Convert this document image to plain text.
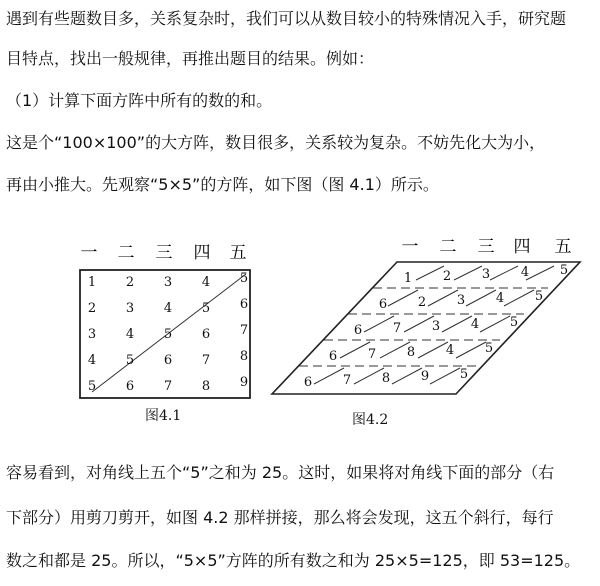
遇到有些题数目多，关系复杂时，我们可以从数目较小的特殊情况入手，研究题
目特点，找出一般规律，再推出题目的结果。例如：
（1）计算下面方阵中所有的数的和。
这是个“100×100”的大方阵，数目很多，关系较为复杂。不妨先化大为小，
再由小推大。先观察“5×5”的方阵，如下图（图 4.1）所示。
一 二 三 四 五
1 2 3 4 5
2 3 4 5 6
3 4 5 6 7
4 5 6 7 8
5 6 7 8 9
图4.1
一 二 三 四 五
1 2 3 4 5
6 2 3 4 5
6 7 3 4 5
6 7 8 4 5
6 7 8 9 5
图4.2
容易看到，对角线上五个“5”之和为 25。这时，如果将对角线下面的部分（右
下部分）用剪刀剪开，如图 4.2 那样拼接，那么将会发现，这五个斜行，每行
数之和都是 25。所以，“5×5”方阵的所有数之和为 25×5=125，即 53=125。
